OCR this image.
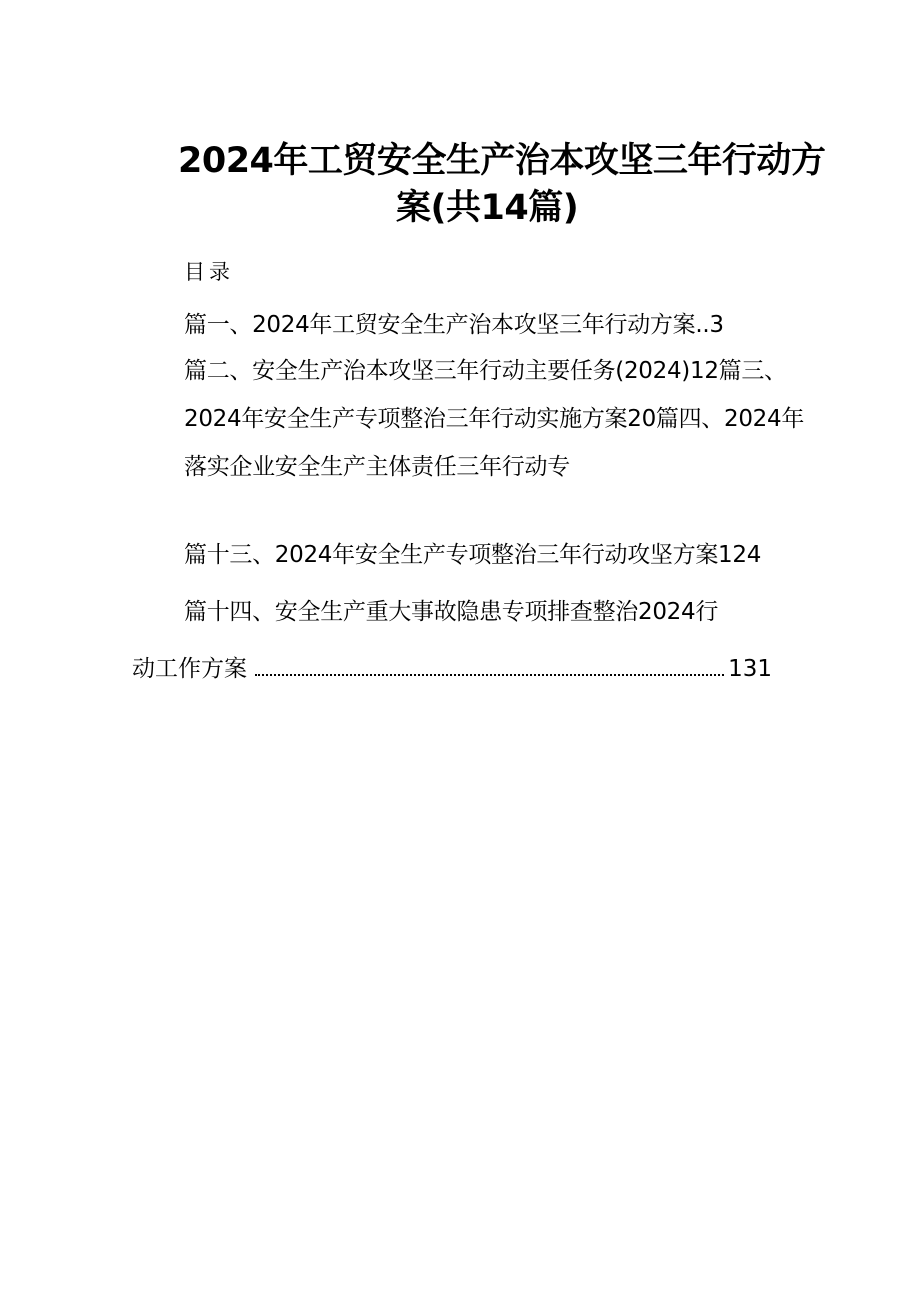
2024年工贸安全生产治本攻坚三年行动方
案(共14篇)
目录
篇一、2024年工贸安全生产治本攻坚三年行动方案..3
篇二、安全生产治本攻坚三年行动主要任务(2024)12篇三、
2024年安全生产专项整治三年行动实施方案20篇四、2024年
落实企业安全生产主体责任三年行动专
篇十三、2024年安全生产专项整治三年行动攻坚方案124
篇十四、安全生产重大事故隐患专项排查整治2024行
动工作方案	131
